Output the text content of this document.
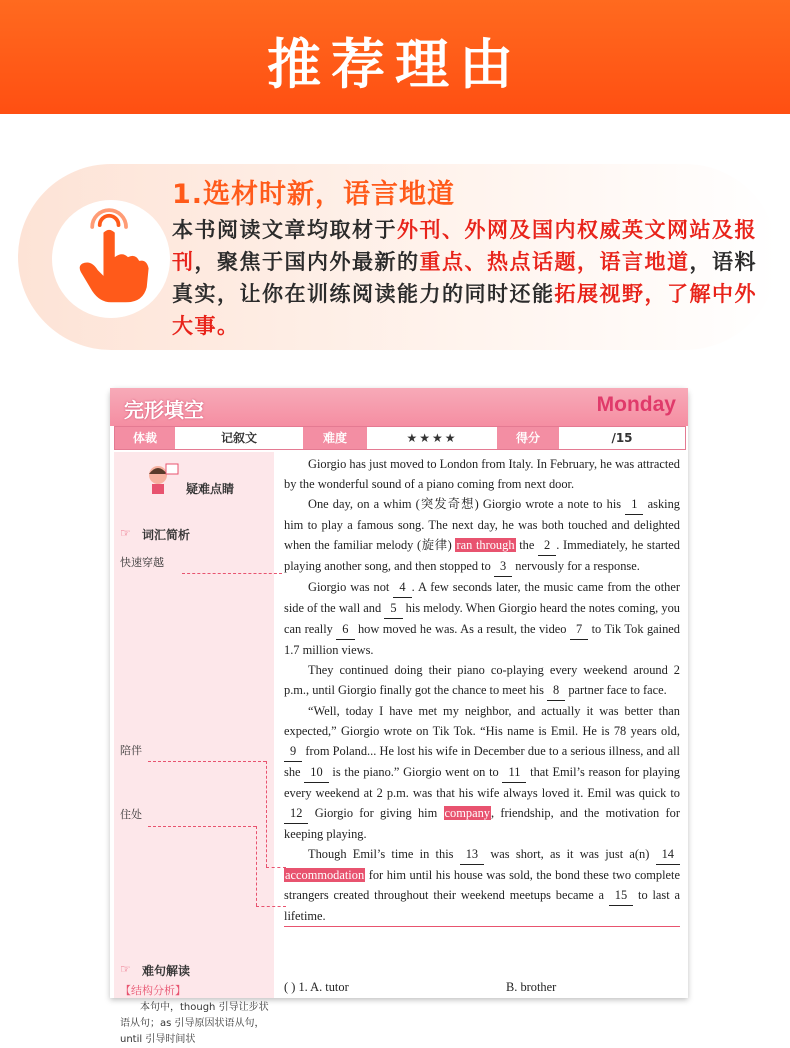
推荐理由
1.选材时新，语言地道
本书阅读文章均取材于外刊、外网及国内权威英文网站及报刊，聚焦于国内外最新的重点、热点话题，语言地道，语料真实，让你在训练阅读能力的同时还能拓展视野，了解中外大事。
完形填空	Monday
体裁	记叙文	难度	★★★★	得分	/15
疑难点睛
☞ 词汇简析
快速穿越
陪伴
住处
☞ 难句解读
【结构分析】
本句中，though 引导让步状语从句；as 引导原因状语从句，until 引导时间状

Giorgio has just moved to London from Italy. In February, he was attracted by the wonderful sound of a piano coming from next door.

One day, on a whim (突发奇想) Giorgio wrote a note to his 1 asking him to play a famous song. The next day, he was both touched and delighted when the familiar melody (旋律) ran through the 2 . Immediately, he started playing another song, and then stopped to 3 nervously for a response.

Giorgio was not 4 . A few seconds later, the music came from the other side of the wall and 5 his melody. When Giorgio heard the notes coming, you can really 6 how moved he was. As a result, the video 7 to Tik Tok gained 1.7 million views.

They continued doing their piano co-playing every weekend around 2 p.m., until Giorgio finally got the chance to meet his 8 partner face to face.

“Well, today I have met my neighbor, and actually it was better than expected,” Giorgio wrote on Tik Tok. “His name is Emil. He is 78 years old, 9 from Poland... He lost his wife in December due to a serious illness, and all she 10 is the piano.” Giorgio went on to 11 that Emil’s reason for playing every weekend at 2 p.m. was that his wife always loved it. Emil was quick to 12 Giorgio for giving him company, friendship, and the motivation for keeping playing.

Though Emil’s time in this 13 was short, as it was just a(n) 14 accommodation for him until his house was sold, the bond these two complete strangers created throughout their weekend meetups became a 15 to last a lifetime.

( ) 1. A. tutor	B. brother
